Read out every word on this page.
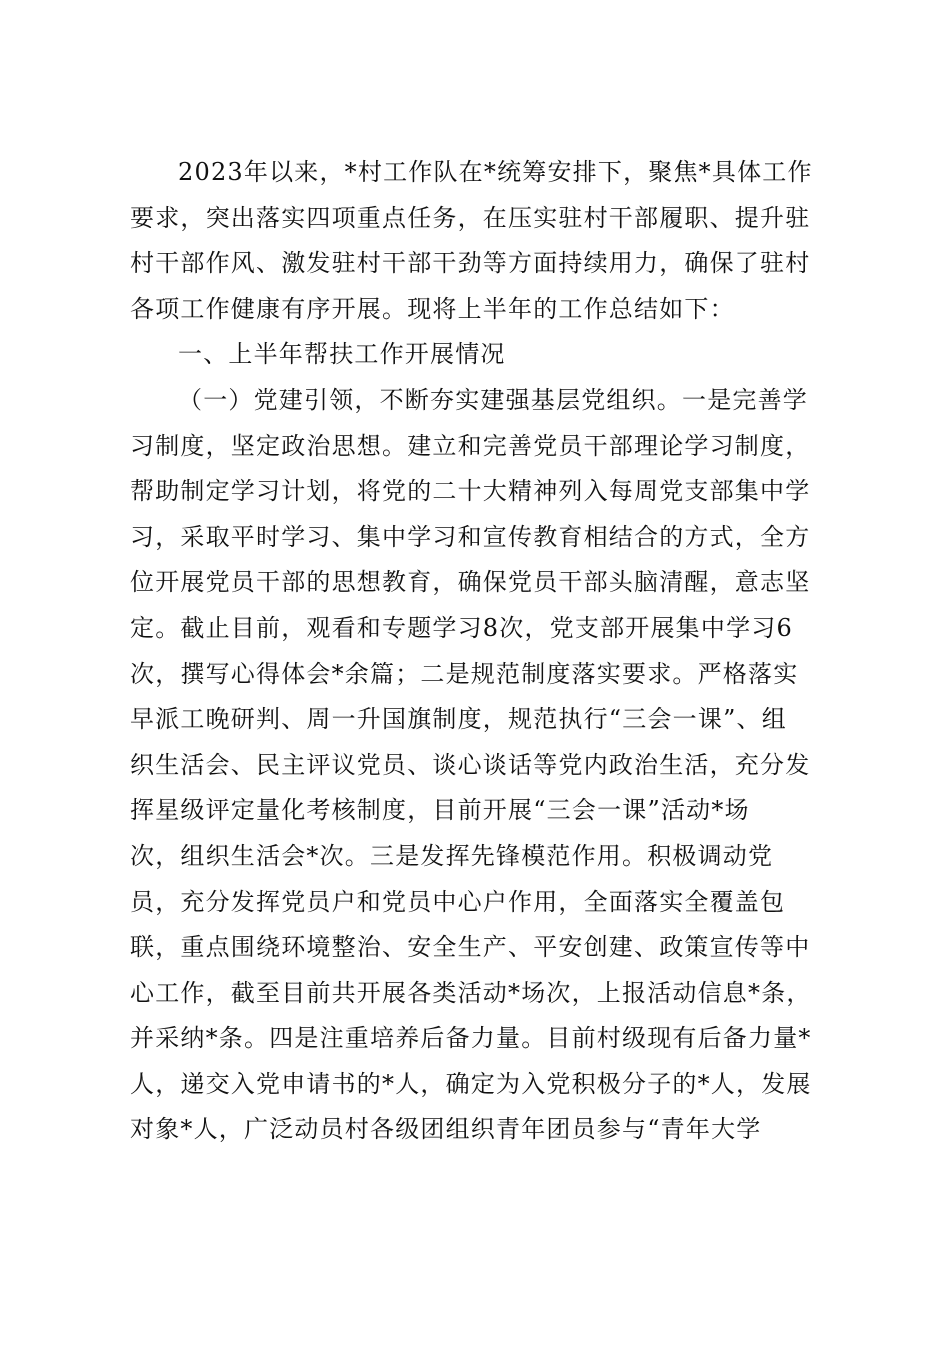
2023年以来，*村工作队在*统筹安排下，聚焦*具体工作
要求，突出落实四项重点任务，在压实驻村干部履职、提升驻
村干部作风、激发驻村干部干劲等方面持续用力，确保了驻村
各项工作健康有序开展。现将上半年的工作总结如下：
一、上半年帮扶工作开展情况
（一）党建引领，不断夯实建强基层党组织。一是完善学
习制度，坚定政治思想。建立和完善党员干部理论学习制度，
帮助制定学习计划，将党的二十大精神列入每周党支部集中学
习，采取平时学习、集中学习和宣传教育相结合的方式，全方
位开展党员干部的思想教育，确保党员干部头脑清醒，意志坚
定。截止目前，观看和专题学习8次，党支部开展集中学习6
次，撰写心得体会*余篇；二是规范制度落实要求。严格落实
早派工晚研判、周一升国旗制度，规范执行“三会一课”、组
织生活会、民主评议党员、谈心谈话等党内政治生活，充分发
挥星级评定量化考核制度，目前开展“三会一课”活动*场
次，组织生活会*次。三是发挥先锋模范作用。积极调动党
员，充分发挥党员户和党员中心户作用，全面落实全覆盖包
联，重点围绕环境整治、安全生产、平安创建、政策宣传等中
心工作，截至目前共开展各类活动*场次，上报活动信息*条，
并采纳*条。四是注重培养后备力量。目前村级现有后备力量*
人，递交入党申请书的*人，确定为入党积极分子的*人，发展
对象*人，广泛动员村各级团组织青年团员参与“青年大学
